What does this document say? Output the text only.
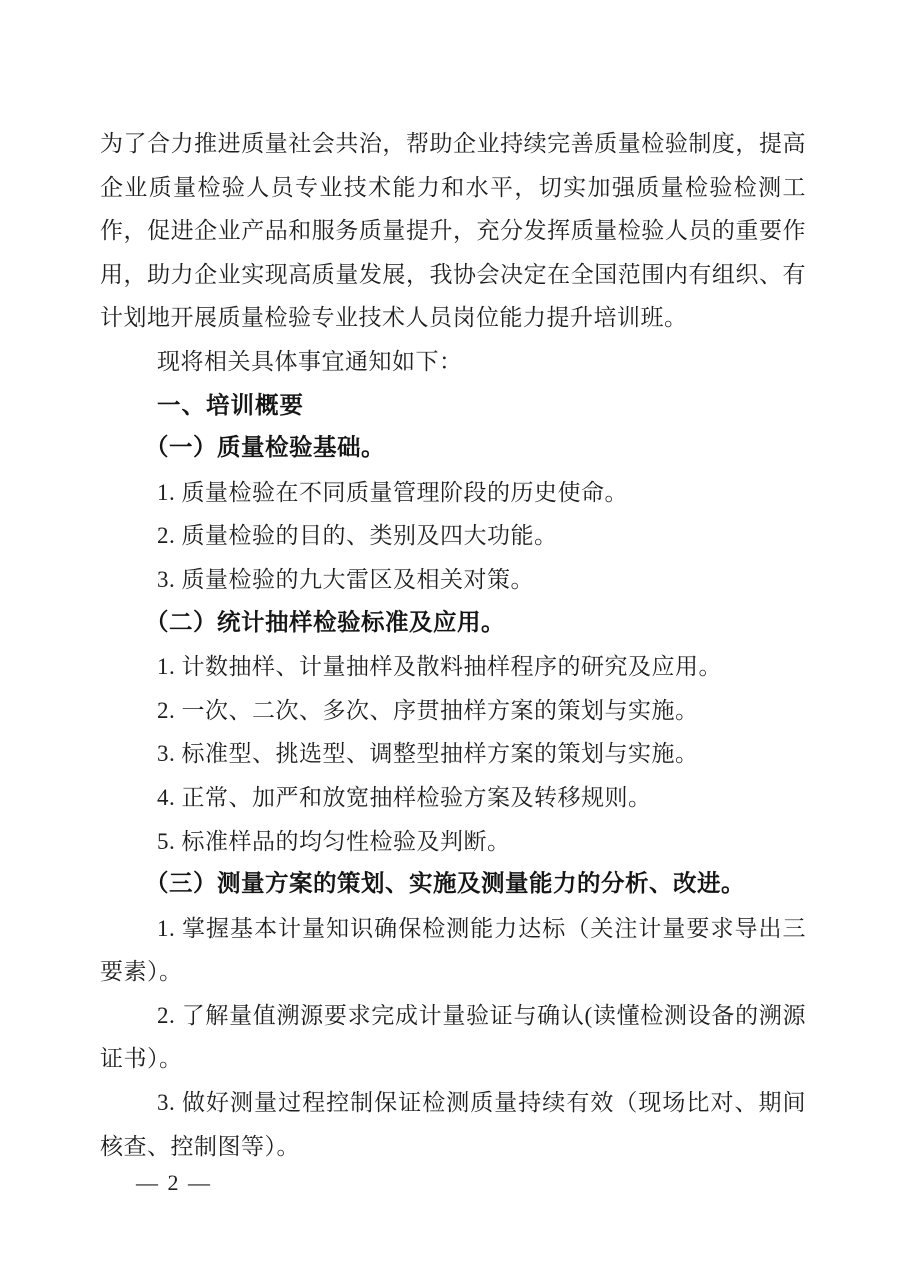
为了合力推进质量社会共治，帮助企业持续完善质量检验制度，提高企业质量检验人员专业技术能力和水平，切实加强质量检验检测工作，促进企业产品和服务质量提升，充分发挥质量检验人员的重要作用，助力企业实现高质量发展，我协会决定在全国范围内有组织、有计划地开展质量检验专业技术人员岗位能力提升培训班。

现将相关具体事宜通知如下：

一、培训概要

（一）质量检验基础。

1. 质量检验在不同质量管理阶段的历史使命。

2. 质量检验的目的、类别及四大功能。

3. 质量检验的九大雷区及相关对策。

（二）统计抽样检验标准及应用。

1. 计数抽样、计量抽样及散料抽样程序的研究及应用。

2. 一次、二次、多次、序贯抽样方案的策划与实施。

3. 标准型、挑选型、调整型抽样方案的策划与实施。

4. 正常、加严和放宽抽样检验方案及转移规则。

5. 标准样品的均匀性检验及判断。

（三）测量方案的策划、实施及测量能力的分析、改进。

1. 掌握基本计量知识确保检测能力达标（关注计量要求导出三要素）。

2. 了解量值溯源要求完成计量验证与确认(读懂检测设备的溯源证书）。

3. 做好测量过程控制保证检测质量持续有效（现场比对、期间核查、控制图等）。

— 2 —
